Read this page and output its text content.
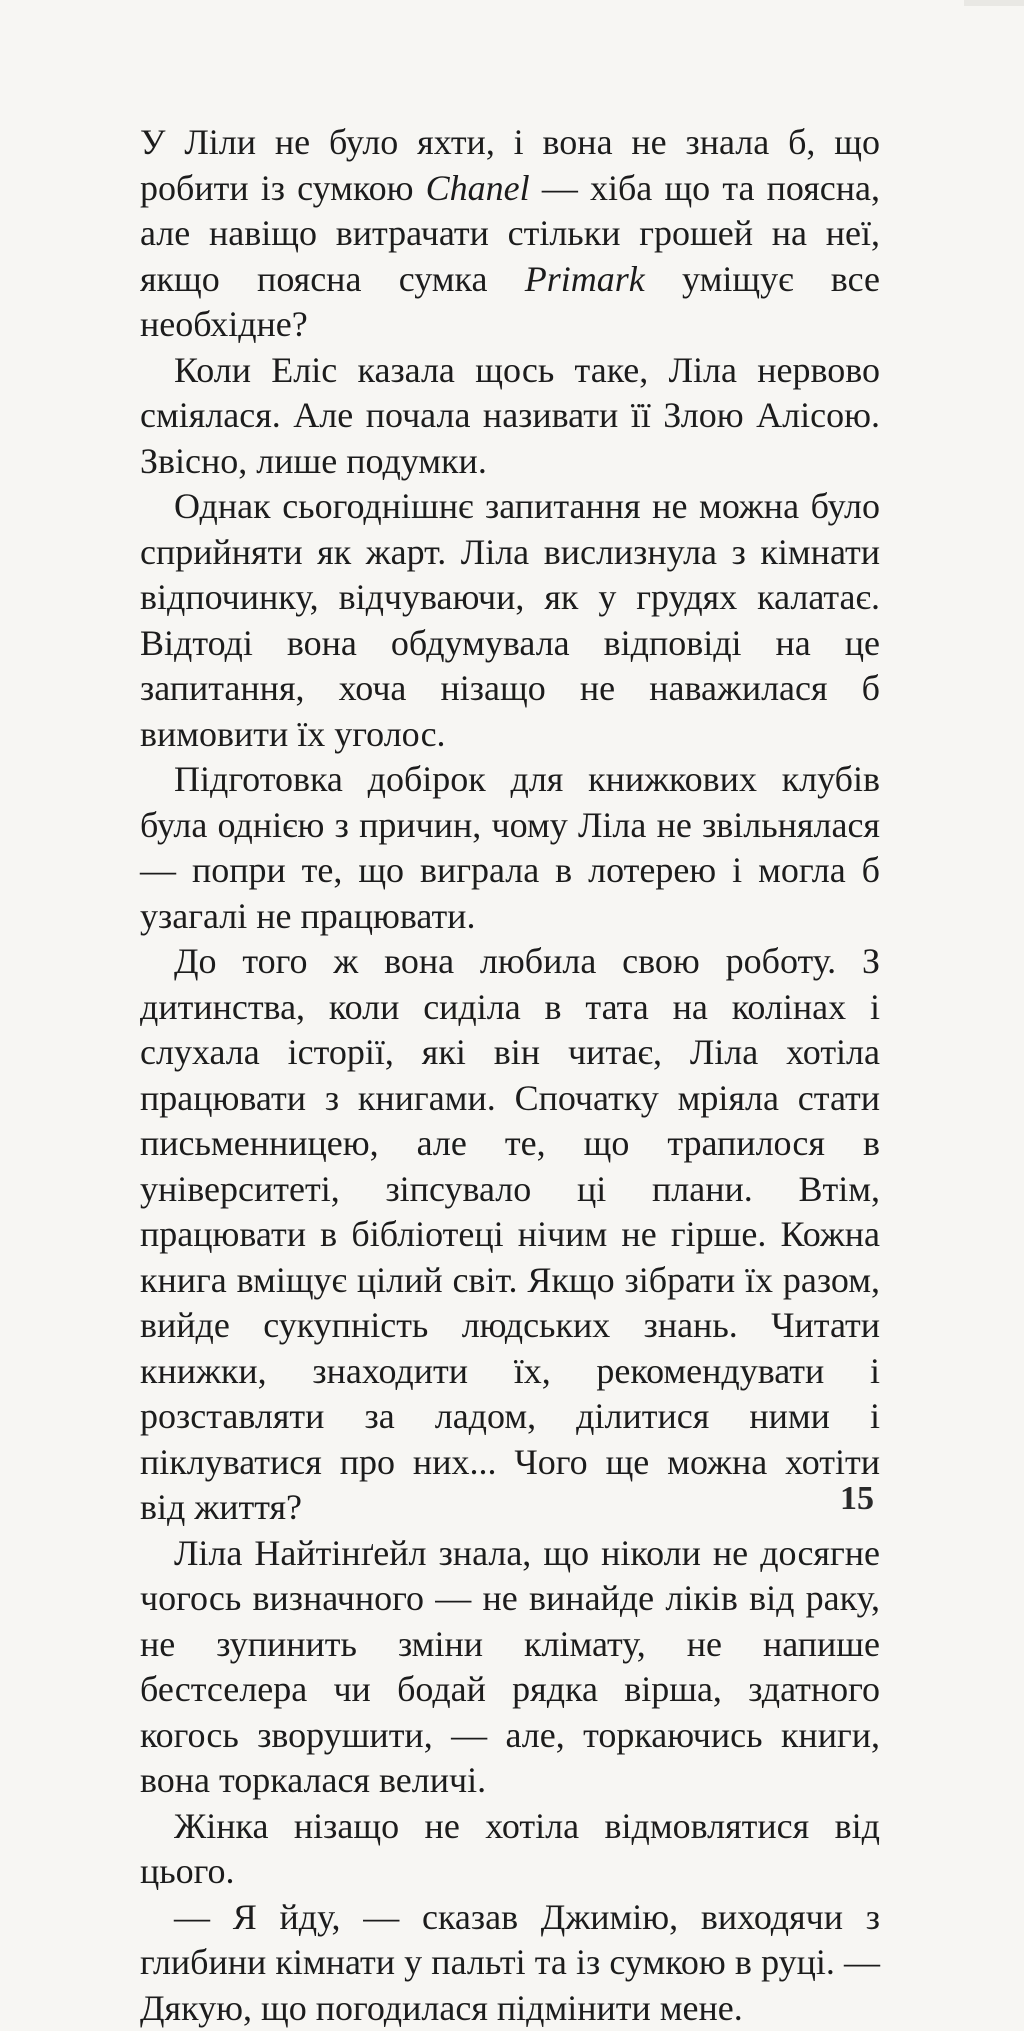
У Ліли не було яхти, і вона не знала б, що робити із сумкою Chanel — хіба що та поясна, але навіщо витрачати стільки грошей на неї, якщо поясна сумка Primark уміщує все необхідне?

Коли Еліс казала щось таке, Ліла нервово сміялася. Але почала називати її Злою Алісою. Звісно, лише подумки.

Однак сьогоднішнє запитання не можна було сприйняти як жарт. Ліла вислизнула з кімнати відпочинку, відчуваючи, як у грудях калатає. Відтоді вона обдумувала відповіді на це запитання, хоча нізащо не наважилася б вимовити їх уголос.

Підготовка добірок для книжкових клубів була однією з причин, чому Ліла не звільнялася — попри те, що виграла в лотерею і могла б узагалі не працювати.

До того ж вона любила свою роботу. З дитинства, коли сиділа в тата на колінах і слухала історії, які він читає, Ліла хотіла працювати з книгами. Спочатку мріяла стати письменницею, але те, що трапилося в університеті, зіпсувало ці плани. Втім, працювати в бібліотеці нічим не гірше. Кожна книга вміщує цілий світ. Якщо зібрати їх разом, вийде сукупність людських знань. Читати книжки, знаходити їх, рекомендувати і розставляти за ладом, ділитися ними і піклуватися про них... Чого ще можна хотіти від життя?

Ліла Найтінґейл знала, що ніколи не досягне чогось визначного — не винайде ліків від раку, не зупинить зміни клімату, не напише бестселера чи бодай рядка вірша, здатного когось зворушити, — але, торкаючись книги, вона торкалася величі.

Жінка нізащо не хотіла відмовлятися від цього.

— Я йду, — сказав Джимію, виходячи з глибини кімнати у пальті та із сумкою в руці. — Дякую, що погодилася підмінити мене.

15
